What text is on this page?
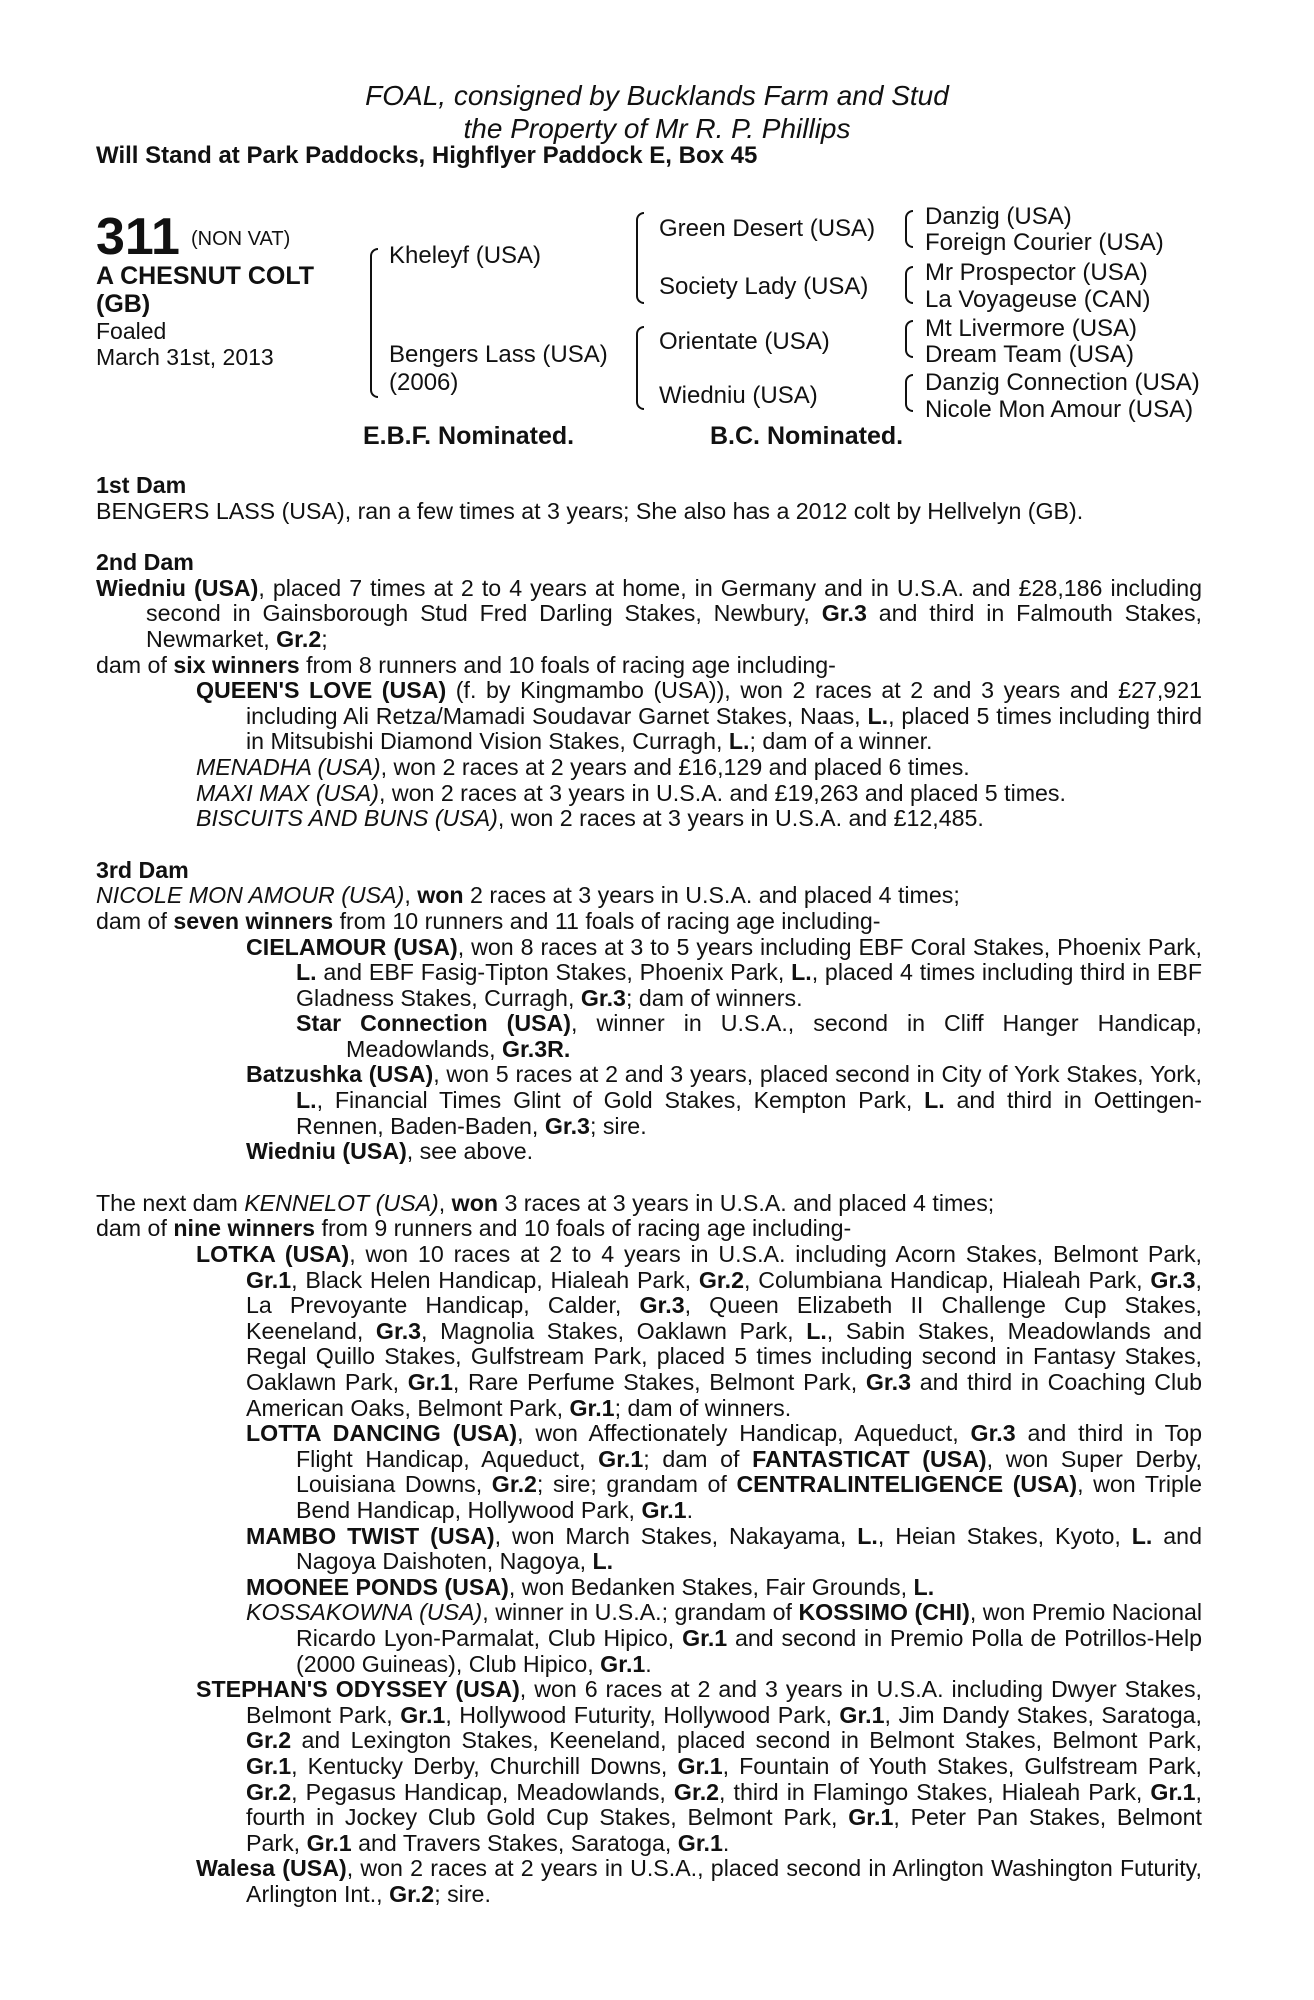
FOAL, consigned by Bucklands Farm and Stud
the Property of Mr R. P. Phillips
Will Stand at Park Paddocks, Highflyer Paddock E, Box 45
311 (NON VAT)
A CHESNUT COLT
(GB)
Foaled
March 31st, 2013
Kheleyf (USA)
Bengers Lass (USA)
(2006)
Green Desert (USA)
Society Lady (USA)
Orientate (USA)
Wiedniu (USA)
Danzig (USA)
Foreign Courier (USA)
Mr Prospector (USA)
La Voyageuse (CAN)
Mt Livermore (USA)
Dream Team (USA)
Danzig Connection (USA)
Nicole Mon Amour (USA)
E.B.F. Nominated.	B.C. Nominated.
1st Dam

BENGERS LASS (USA), ran a few times at 3 years; She also has a 2012 colt by Hellvelyn (GB).

2nd Dam

Wiedniu (USA), placed 7 times at 2 to 4 years at home, in Germany and in U.S.A. and £28,186 including second in Gainsborough Stud Fred Darling Stakes, Newbury, Gr.3 and third in Falmouth Stakes, Newmarket, Gr.2;

dam of six winners from 8 runners and 10 foals of racing age including-

QUEEN'S LOVE (USA) (f. by Kingmambo (USA)), won 2 races at 2 and 3 years and £27,921 including Ali Retza/Mamadi Soudavar Garnet Stakes, Naas, L., placed 5 times including third in Mitsubishi Diamond Vision Stakes, Curragh, L.; dam of a winner.

MENADHA (USA), won 2 races at 2 years and £16,129 and placed 6 times.

MAXI MAX (USA), won 2 races at 3 years in U.S.A. and £19,263 and placed 5 times.

BISCUITS AND BUNS (USA), won 2 races at 3 years in U.S.A. and £12,485.

3rd Dam

NICOLE MON AMOUR (USA), won 2 races at 3 years in U.S.A. and placed 4 times;

dam of seven winners from 10 runners and 11 foals of racing age including-

CIELAMOUR (USA), won 8 races at 3 to 5 years including EBF Coral Stakes, Phoenix Park, L. and EBF Fasig-Tipton Stakes, Phoenix Park, L., placed 4 times including third in EBF Gladness Stakes, Curragh, Gr.3; dam of winners.

Star Connection (USA), winner in U.S.A., second in Cliff Hanger Handicap, Meadowlands, Gr.3R.

Batzushka (USA), won 5 races at 2 and 3 years, placed second in City of York Stakes, York, L., Financial Times Glint of Gold Stakes, Kempton Park, L. and third in Oettingen-Rennen, Baden-Baden, Gr.3; sire.

Wiedniu (USA), see above.

The next dam KENNELOT (USA), won 3 races at 3 years in U.S.A. and placed 4 times;

dam of nine winners from 9 runners and 10 foals of racing age including-

LOTKA (USA), won 10 races at 2 to 4 years in U.S.A. including Acorn Stakes, Belmont Park, Gr.1, Black Helen Handicap, Hialeah Park, Gr.2, Columbiana Handicap, Hialeah Park, Gr.3, La Prevoyante Handicap, Calder, Gr.3, Queen Elizabeth II Challenge Cup Stakes, Keeneland, Gr.3, Magnolia Stakes, Oaklawn Park, L., Sabin Stakes, Meadowlands and Regal Quillo Stakes, Gulfstream Park, placed 5 times including second in Fantasy Stakes, Oaklawn Park, Gr.1, Rare Perfume Stakes, Belmont Park, Gr.3 and third in Coaching Club American Oaks, Belmont Park, Gr.1; dam of winners.

LOTTA DANCING (USA), won Affectionately Handicap, Aqueduct, Gr.3 and third in Top Flight Handicap, Aqueduct, Gr.1; dam of FANTASTICAT (USA), won Super Derby, Louisiana Downs, Gr.2; sire; grandam of CENTRALINTELIGENCE (USA), won Triple Bend Handicap, Hollywood Park, Gr.1.

MAMBO TWIST (USA), won March Stakes, Nakayama, L., Heian Stakes, Kyoto, L. and Nagoya Daishoten, Nagoya, L.

MOONEE PONDS (USA), won Bedanken Stakes, Fair Grounds, L.

KOSSAKOWNA (USA), winner in U.S.A.; grandam of KOSSIMO (CHI), won Premio Nacional Ricardo Lyon-Parmalat, Club Hipico, Gr.1 and second in Premio Polla de Potrillos-Help (2000 Guineas), Club Hipico, Gr.1.

STEPHAN'S ODYSSEY (USA), won 6 races at 2 and 3 years in U.S.A. including Dwyer Stakes, Belmont Park, Gr.1, Hollywood Futurity, Hollywood Park, Gr.1, Jim Dandy Stakes, Saratoga, Gr.2 and Lexington Stakes, Keeneland, placed second in Belmont Stakes, Belmont Park, Gr.1, Kentucky Derby, Churchill Downs, Gr.1, Fountain of Youth Stakes, Gulfstream Park, Gr.2, Pegasus Handicap, Meadowlands, Gr.2, third in Flamingo Stakes, Hialeah Park, Gr.1, fourth in Jockey Club Gold Cup Stakes, Belmont Park, Gr.1, Peter Pan Stakes, Belmont Park, Gr.1 and Travers Stakes, Saratoga, Gr.1.

Walesa (USA), won 2 races at 2 years in U.S.A., placed second in Arlington Washington Futurity, Arlington Int., Gr.2; sire.
